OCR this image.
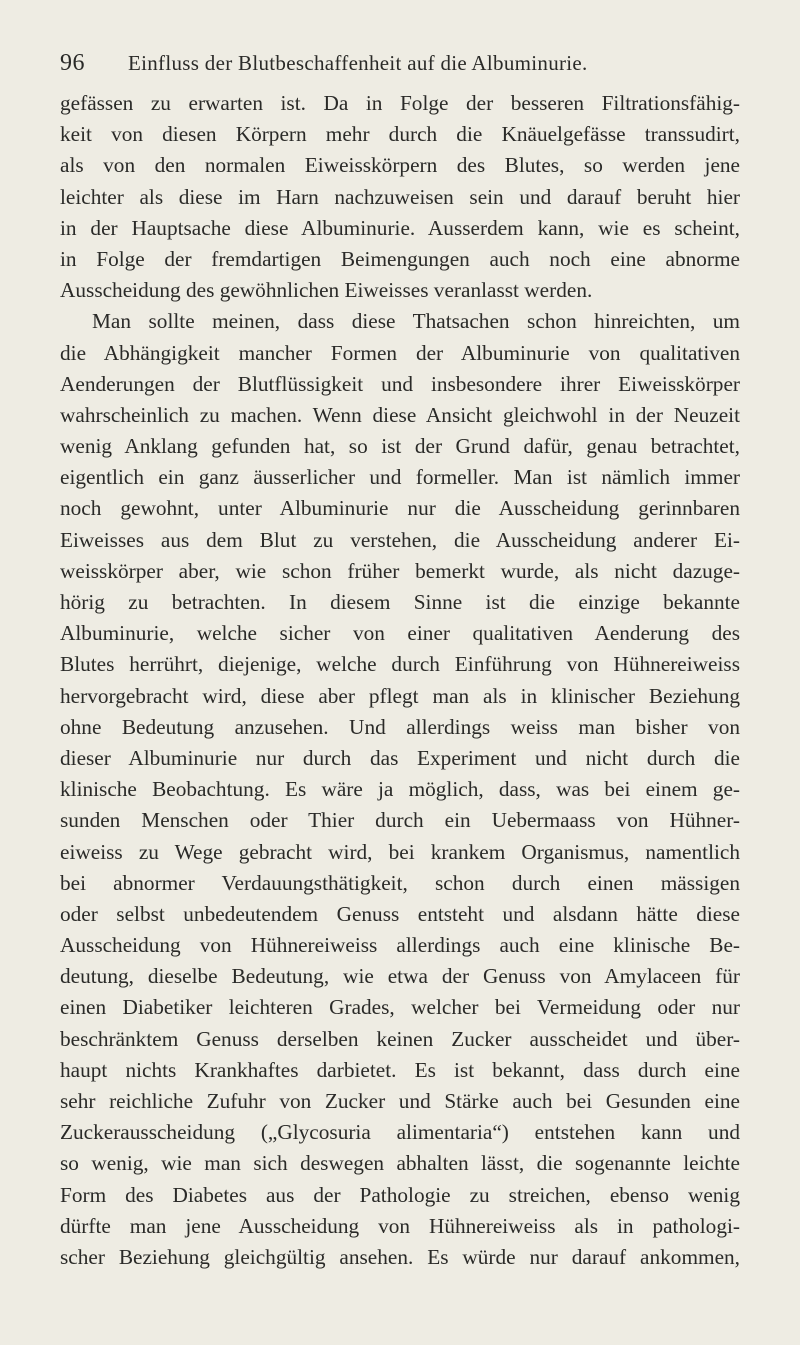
96	Einfluss der Blutbeschaffenheit auf die Albuminurie.
gefässen zu erwarten ist. Da in Folge der besseren Filtrationsfähig-
keit von diesen Körpern mehr durch die Knäuelgefässe transsudirt,
als von den normalen Eiweisskörpern des Blutes, so werden jene
leichter als diese im Harn nachzuweisen sein und darauf beruht hier
in der Hauptsache diese Albuminurie. Ausserdem kann, wie es scheint,
in Folge der fremdartigen Beimengungen auch noch eine abnorme
Ausscheidung des gewöhnlichen Eiweisses veranlasst werden.
Man sollte meinen, dass diese Thatsachen schon hinreichten, um
die Abhängigkeit mancher Formen der Albuminurie von qualitativen
Aenderungen der Blutflüssigkeit und insbesondere ihrer Eiweisskörper
wahrscheinlich zu machen. Wenn diese Ansicht gleichwohl in der Neuzeit
wenig Anklang gefunden hat, so ist der Grund dafür, genau betrachtet,
eigentlich ein ganz äusserlicher und formeller. Man ist nämlich immer
noch gewohnt, unter Albuminurie nur die Ausscheidung gerinnbaren
Eiweisses aus dem Blut zu verstehen, die Ausscheidung anderer Ei-
weisskörper aber, wie schon früher bemerkt wurde, als nicht dazuge-
hörig zu betrachten. In diesem Sinne ist die einzige bekannte
Albuminurie, welche sicher von einer qualitativen Aenderung des
Blutes herrührt, diejenige, welche durch Einführung von Hühnereiweiss
hervorgebracht wird, diese aber pflegt man als in klinischer Beziehung
ohne Bedeutung anzusehen. Und allerdings weiss man bisher von
dieser Albuminurie nur durch das Experiment und nicht durch die
klinische Beobachtung. Es wäre ja möglich, dass, was bei einem ge-
sunden Menschen oder Thier durch ein Uebermaass von Hühner-
eiweiss zu Wege gebracht wird, bei krankem Organismus, namentlich
bei abnormer Verdauungsthätigkeit, schon durch einen mässigen
oder selbst unbedeutendem Genuss entsteht und alsdann hätte diese
Ausscheidung von Hühnereiweiss allerdings auch eine klinische Be-
deutung, dieselbe Bedeutung, wie etwa der Genuss von Amylaceen für
einen Diabetiker leichteren Grades, welcher bei Vermeidung oder nur
beschränktem Genuss derselben keinen Zucker ausscheidet und über-
haupt nichts Krankhaftes darbietet. Es ist bekannt, dass durch eine
sehr reichliche Zufuhr von Zucker und Stärke auch bei Gesunden eine
Zuckerausscheidung („Glycosuria alimentaria“) entstehen kann und
so wenig, wie man sich deswegen abhalten lässt, die sogenannte leichte
Form des Diabetes aus der Pathologie zu streichen, ebenso wenig
dürfte man jene Ausscheidung von Hühnereiweiss als in pathologi-
scher Beziehung gleichgültig ansehen. Es würde nur darauf ankommen,
